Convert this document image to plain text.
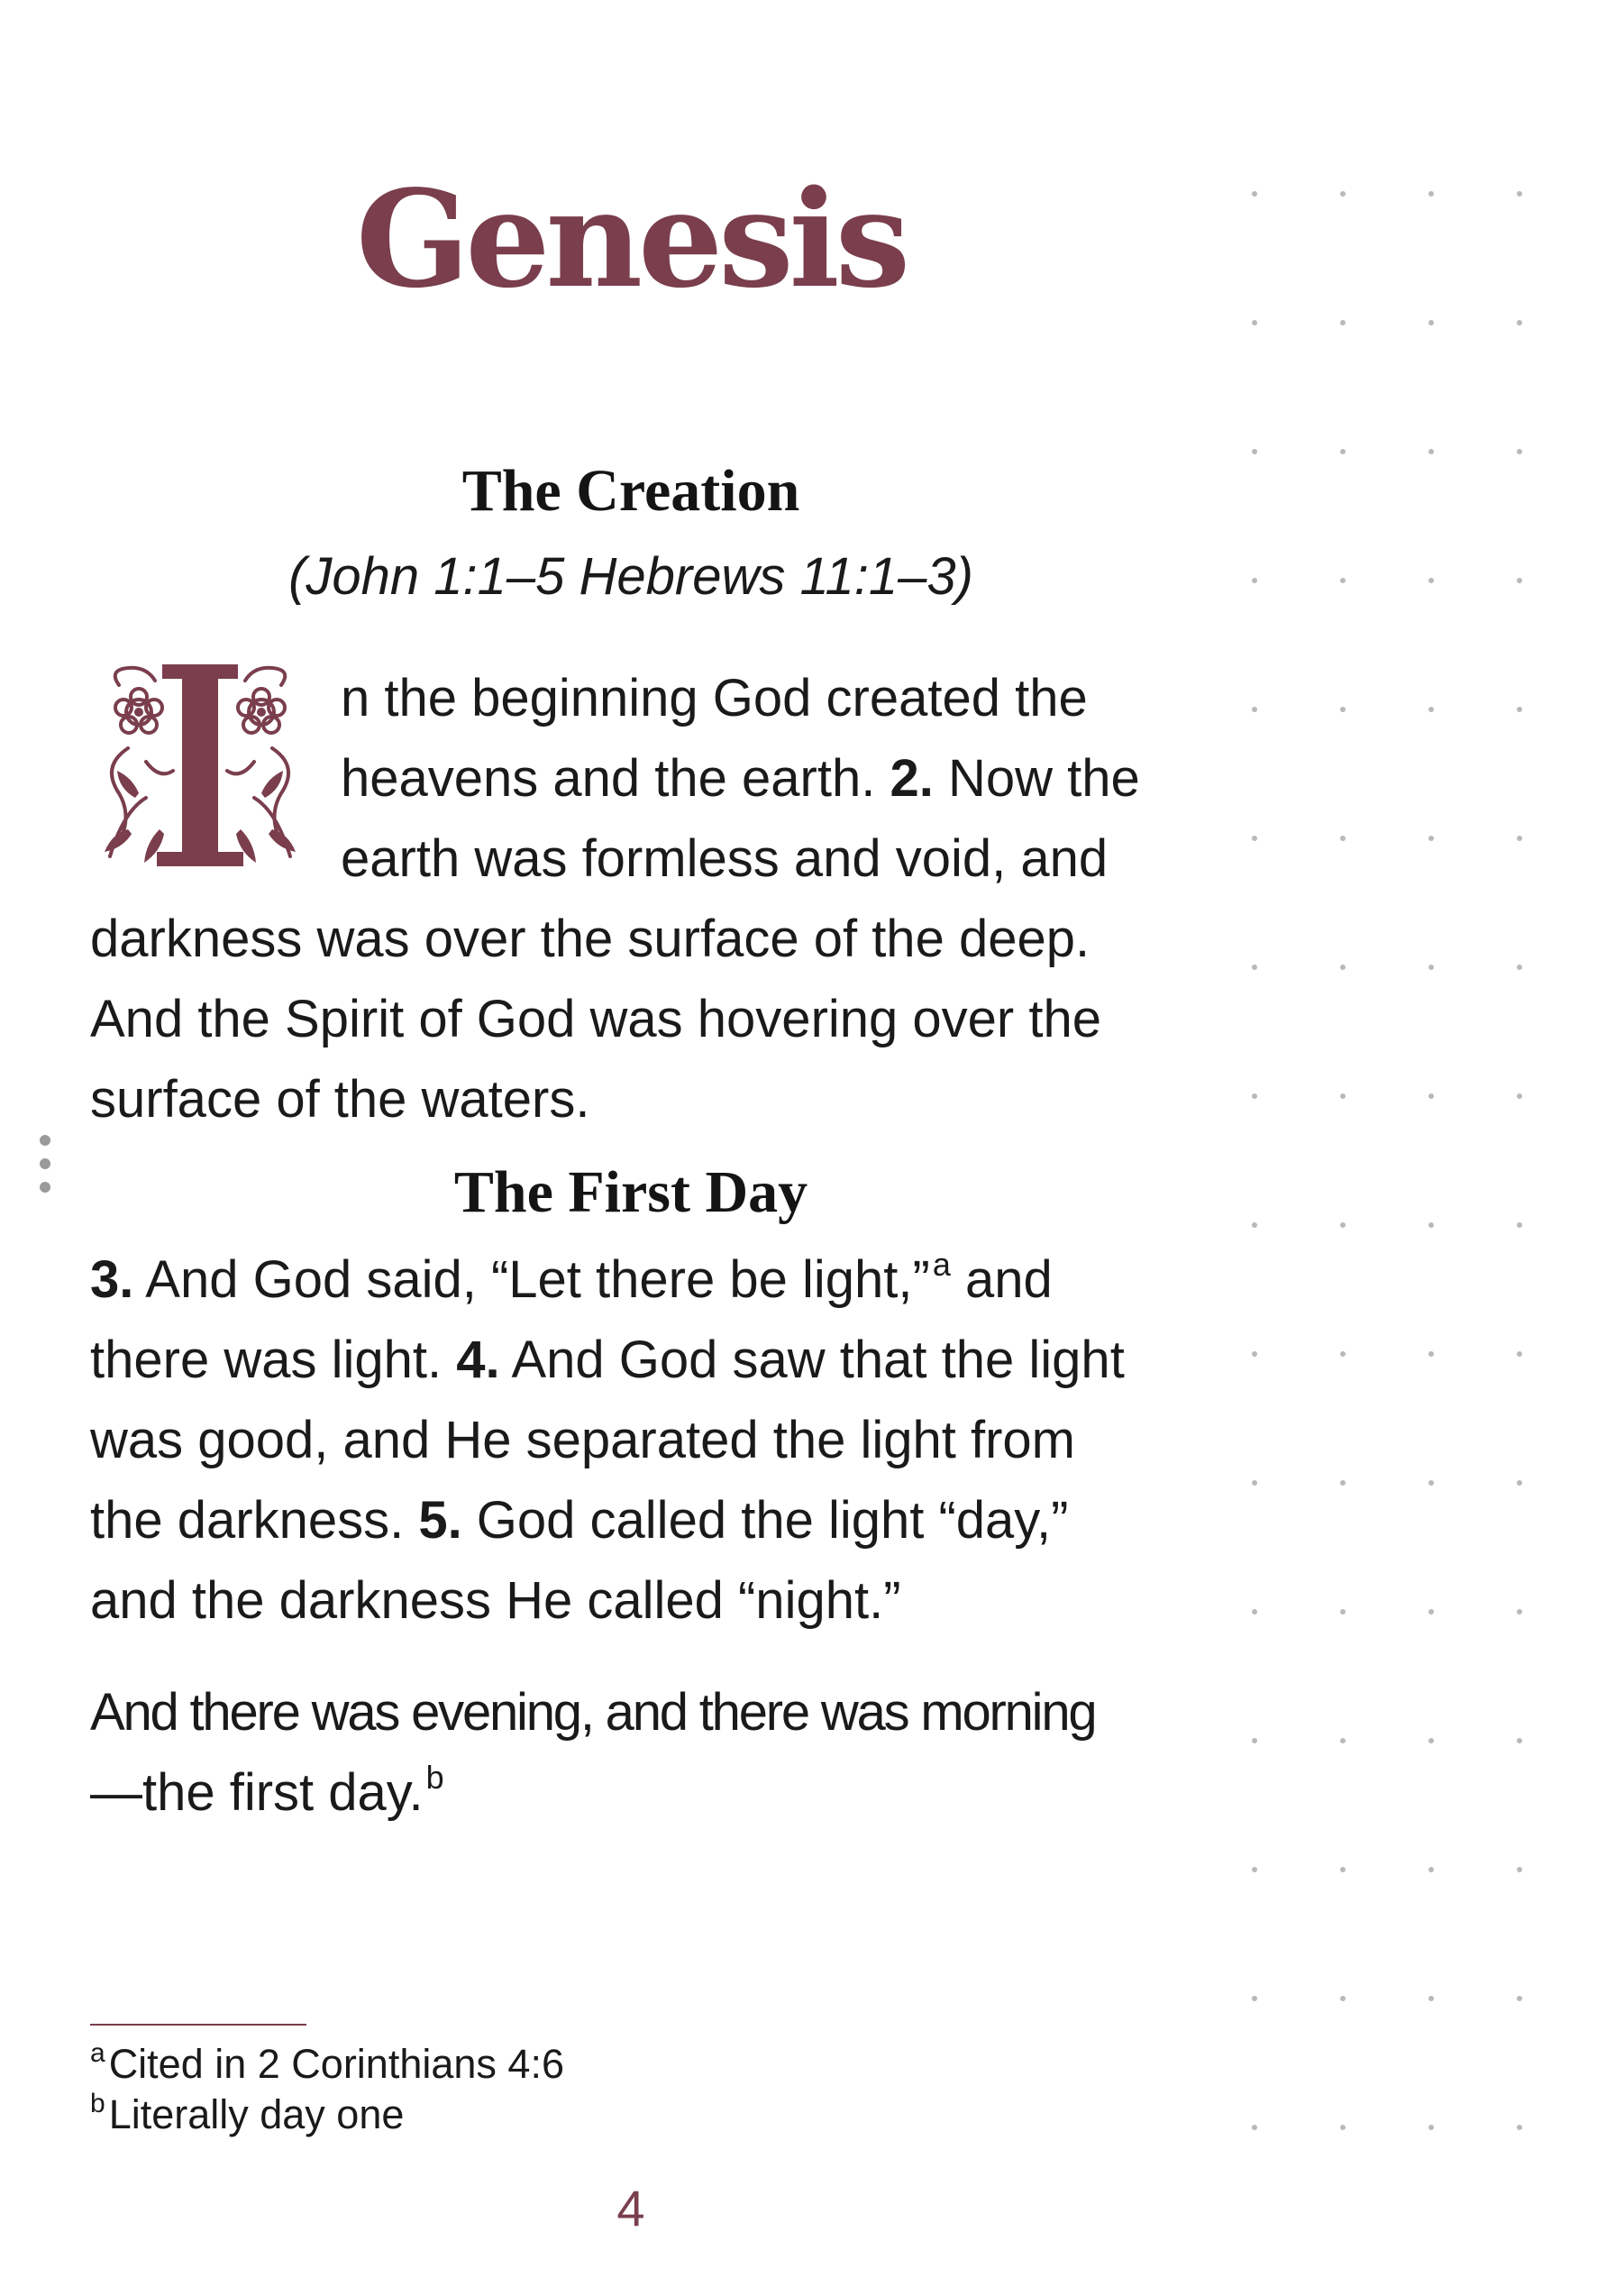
Genesis
The Creation
(John 1:1–5 Hebrews 11:1–3)
n the beginning God created the
heavens and the earth. 2. Now the
earth was formless and void, and
darkness was over the surface of the deep.
And the Spirit of God was hovering over the
surface of the waters.
The First Day
3. And God said, “Let there be light,”$^a$ and
there was light. 4. And God saw that the light
was good, and He separated the light from
the darkness. 5. God called the light “day,”
and the darkness He called “night.”
And there was evening, and there was morning
—the first day.$^b$
$^a$Cited in 2 Corinthians 4:6
$^b$Literally day one
4
